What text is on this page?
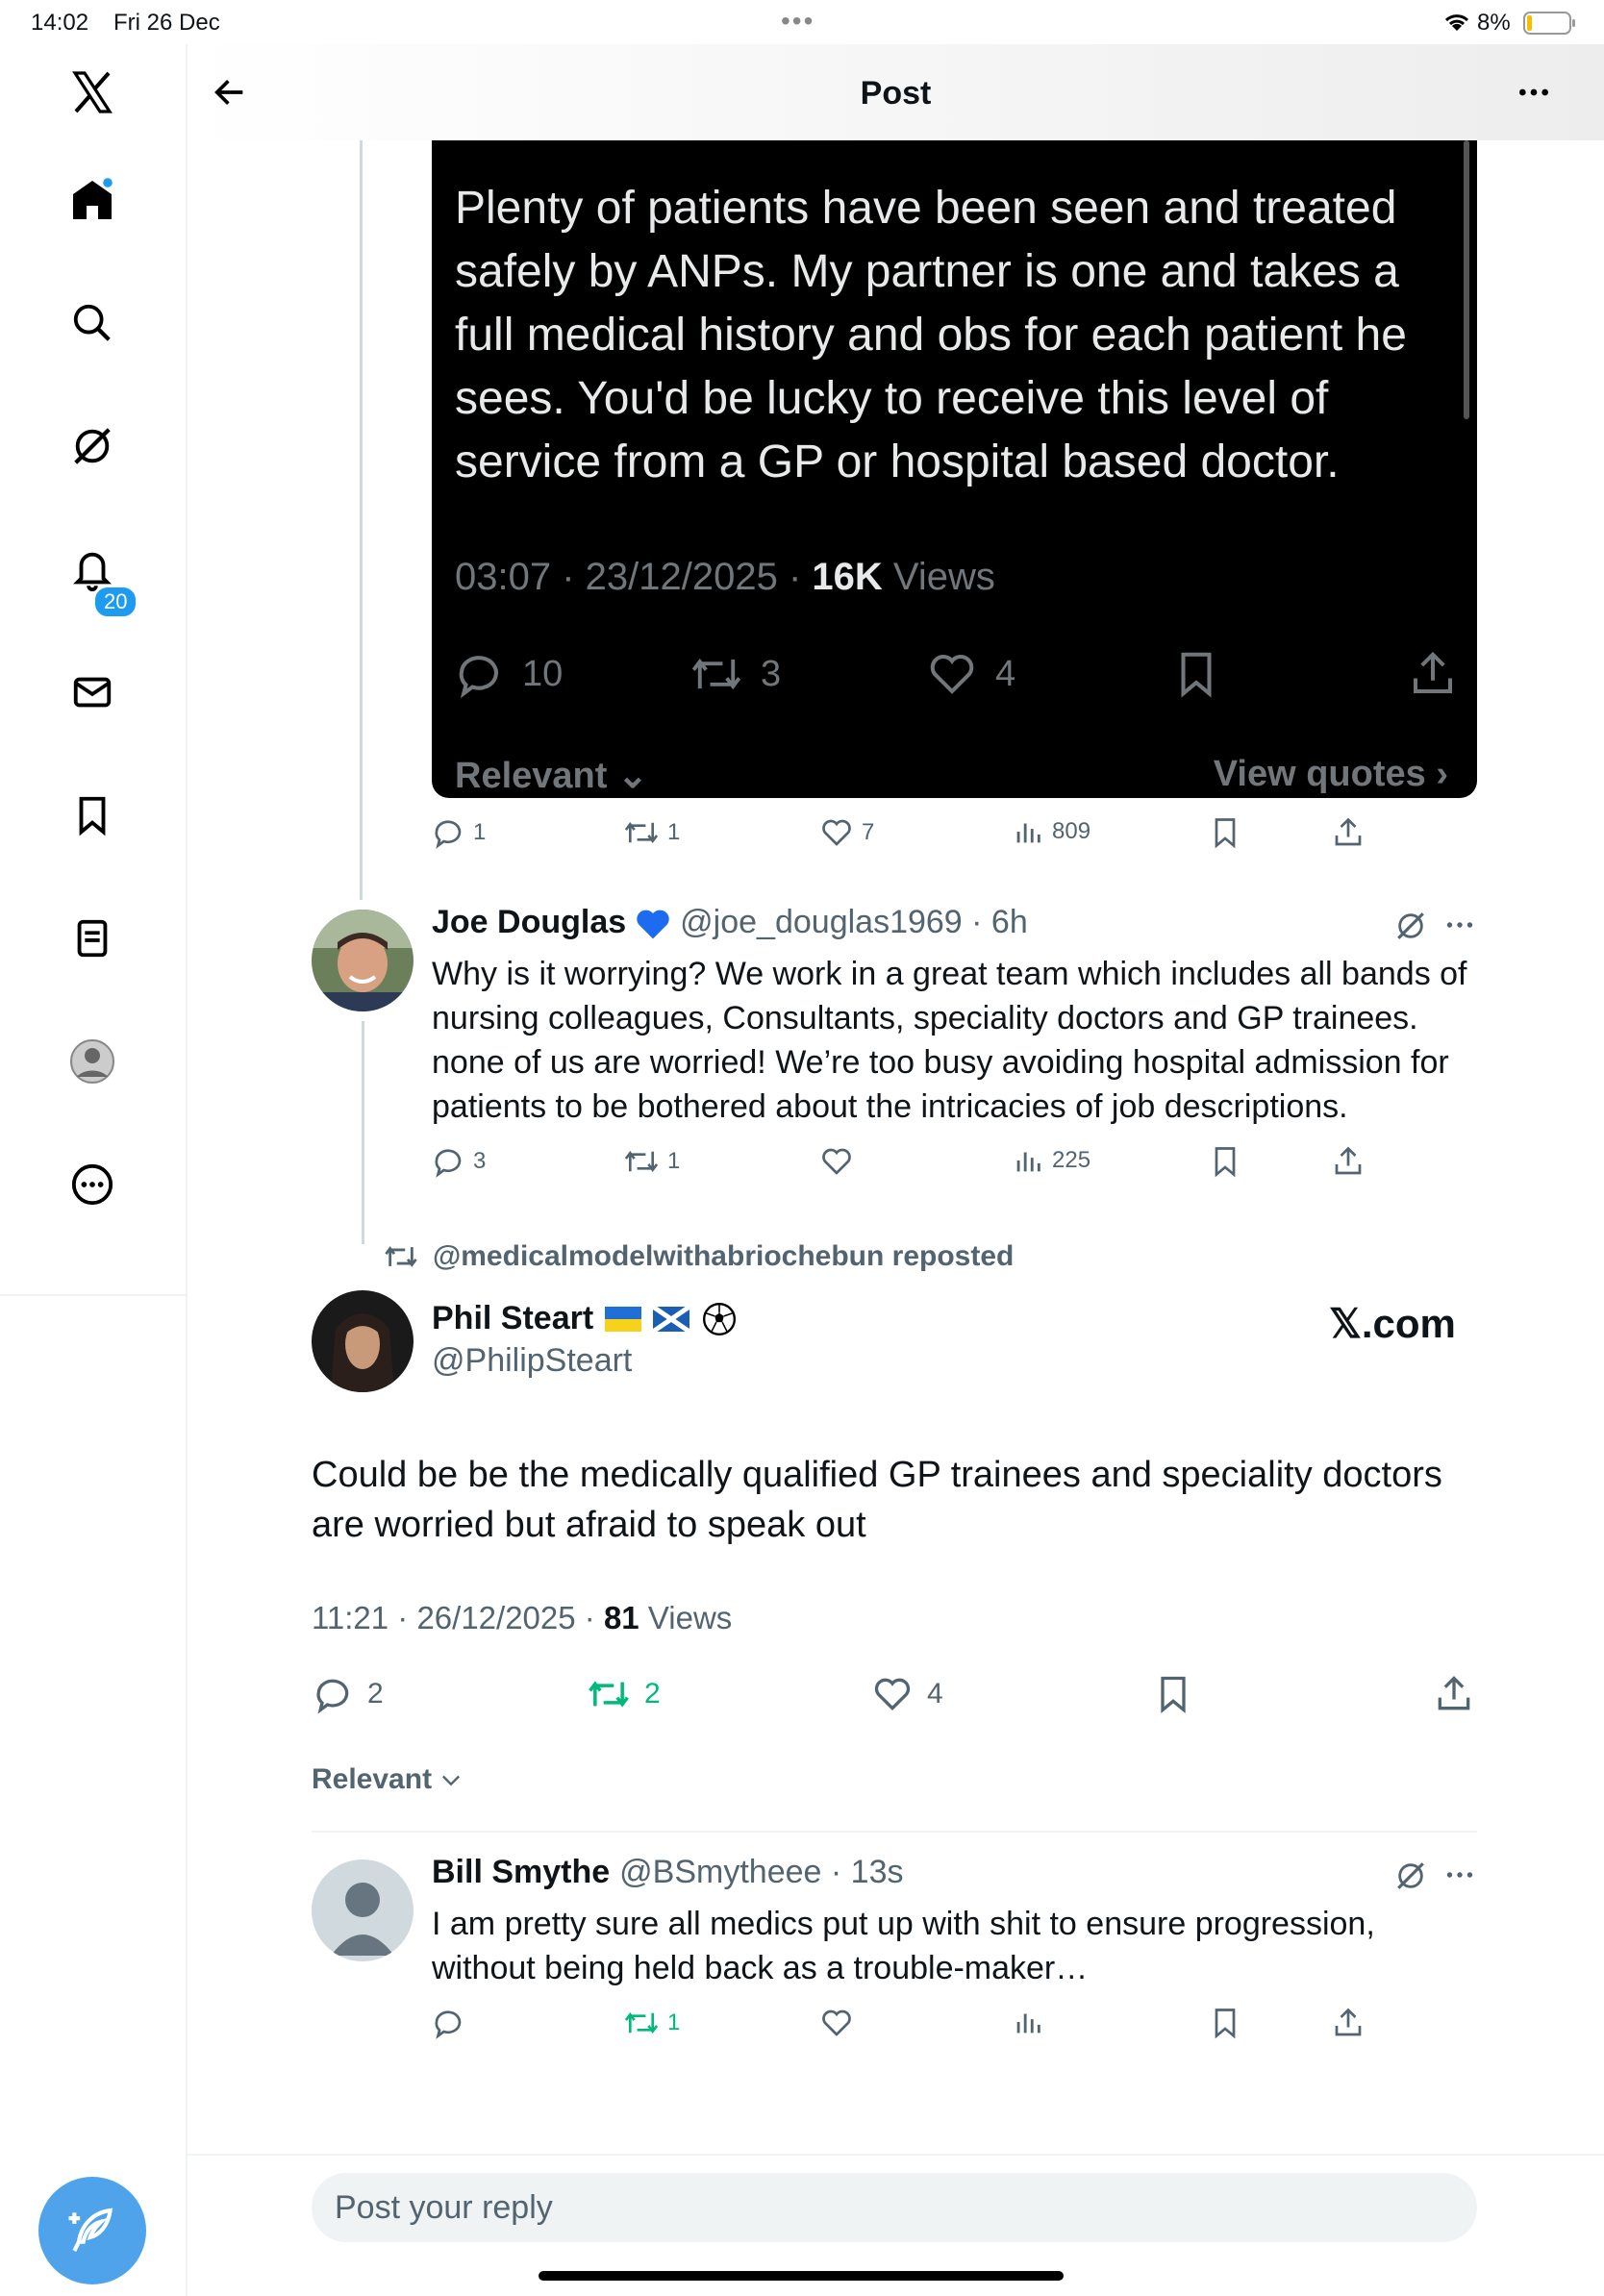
14:02 Fri 26 Dec	•••	8%
20
Post
Plenty of patients have been seen and treated safely by ANPs. My partner is one and takes a full medical history and obs for each patient he sees. You'd be lucky to receive this level of service from a GP or hospital based doctor.
03:07 · 23/12/2025 · 16K Views
10	3	4
Relevant ⌄	View quotes ›
1	1	7	809
Joe Douglas @joe_douglas1969 · 6h
Why is it worrying? We work in a great team which includes all bands of nursing colleagues, Consultants, speciality doctors and GP trainees. none of us are worried! We’re too busy avoiding hospital admission for patients to be bothered about the intricacies of job descriptions.
3	1	225
@medicalmodelwithabriochebun reposted
Phil Steart
@PhilipSteart
𝕏.com
Could be be the medically qualified GP trainees and speciality doctors are worried but afraid to speak out
11:21 · 26/12/2025 · 81 Views
2	2	4
Relevant
Bill Smythe @BSmytheee · 13s
I am pretty sure all medics put up with shit to ensure progression, without being held back as a trouble-maker…
1
Post your reply
